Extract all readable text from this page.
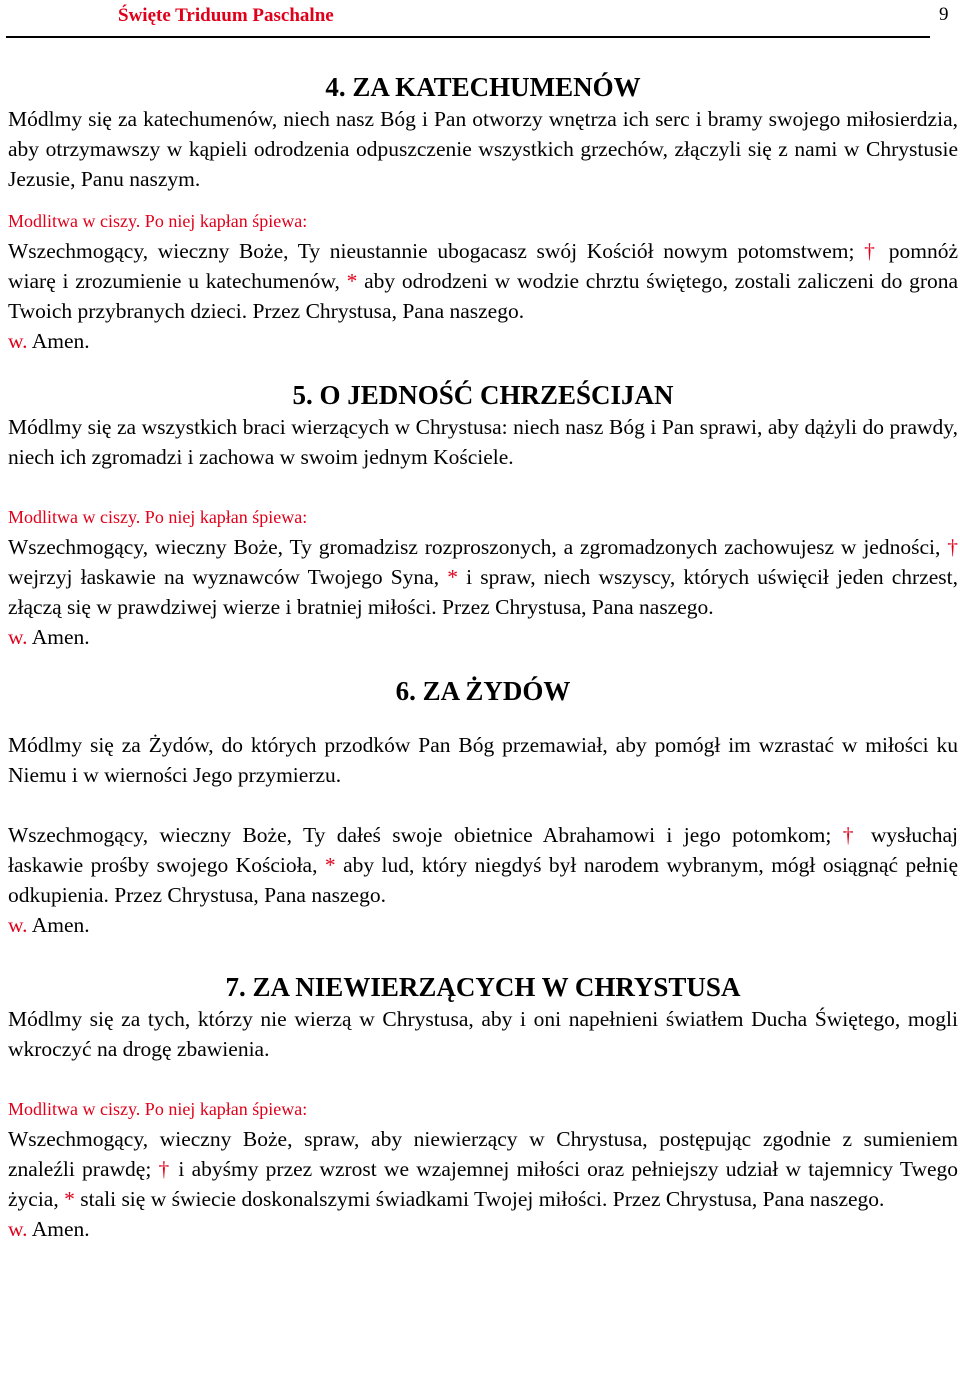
Święte Triduum Paschalne	9
4. ZA KATECHUMENÓW

Módlmy się za katechumenów, niech nasz Bóg i Pan otworzy wnętrza ich serc i bramy swojego miłosierdzia, aby otrzymawszy w kąpieli odrodzenia odpuszczenie wszystkich grzechów, złączyli się z nami w Chrystusie Jezusie, Panu naszym.

Modlitwa w ciszy. Po niej kapłan śpiewa:

Wszechmogący, wieczny Boże, Ty nieustannie ubogacasz swój Kościół nowym potomstwem; † pomnóż wiarę i zrozumienie u katechumenów, * aby odrodzeni w wodzie chrztu świętego, zostali zaliczeni do grona Twoich przybranych dzieci. Przez Chrystusa, Pana naszego.

w. Amen.

5. O JEDNOŚĆ CHRZEŚCIJAN

Módlmy się za wszystkich braci wierzących w Chrystusa: niech nasz Bóg i Pan sprawi, aby dążyli do prawdy, niech ich zgromadzi i zachowa w swoim jednym Kościele.

Modlitwa w ciszy. Po niej kapłan śpiewa:

Wszechmogący, wieczny Boże, Ty gromadzisz rozproszonych, a zgromadzonych zachowujesz w jedności, † wejrzyj łaskawie na wyznawców Twojego Syna, * i spraw, niech wszyscy, których uświęcił jeden chrzest, złączą się w prawdziwej wierze i bratniej miłości. Przez Chrystusa, Pana naszego.

w. Amen.

6. ZA ŻYDÓW

Módlmy się za Żydów, do których przodków Pan Bóg przemawiał, aby pomógł im wzrastać w miłości ku Niemu i w wierności Jego przymierzu.

Wszechmogący, wieczny Boże, Ty dałeś swoje obietnice Abrahamowi i jego potomkom; † wysłuchaj łaskawie prośby swojego Kościoła, * aby lud, który niegdyś był narodem wybranym, mógł osiągnąć pełnię odkupienia. Przez Chrystusa, Pana naszego.

w. Amen.

7. ZA NIEWIERZĄCYCH W CHRYSTUSA

Módlmy się za tych, którzy nie wierzą w Chrystusa, aby i oni napełnieni światłem Ducha Świętego, mogli wkroczyć na drogę zbawienia.

Modlitwa w ciszy. Po niej kapłan śpiewa:

Wszechmogący, wieczny Boże, spraw, aby niewierzący w Chrystusa, postępując zgodnie z sumieniem znaleźli prawdę; † i abyśmy przez wzrost we wzajemnej miłości oraz pełniejszy udział w tajemnicy Twego życia, * stali się w świecie doskonalszymi świadkami Twojej miłości. Przez Chrystusa, Pana naszego.

w. Amen.
